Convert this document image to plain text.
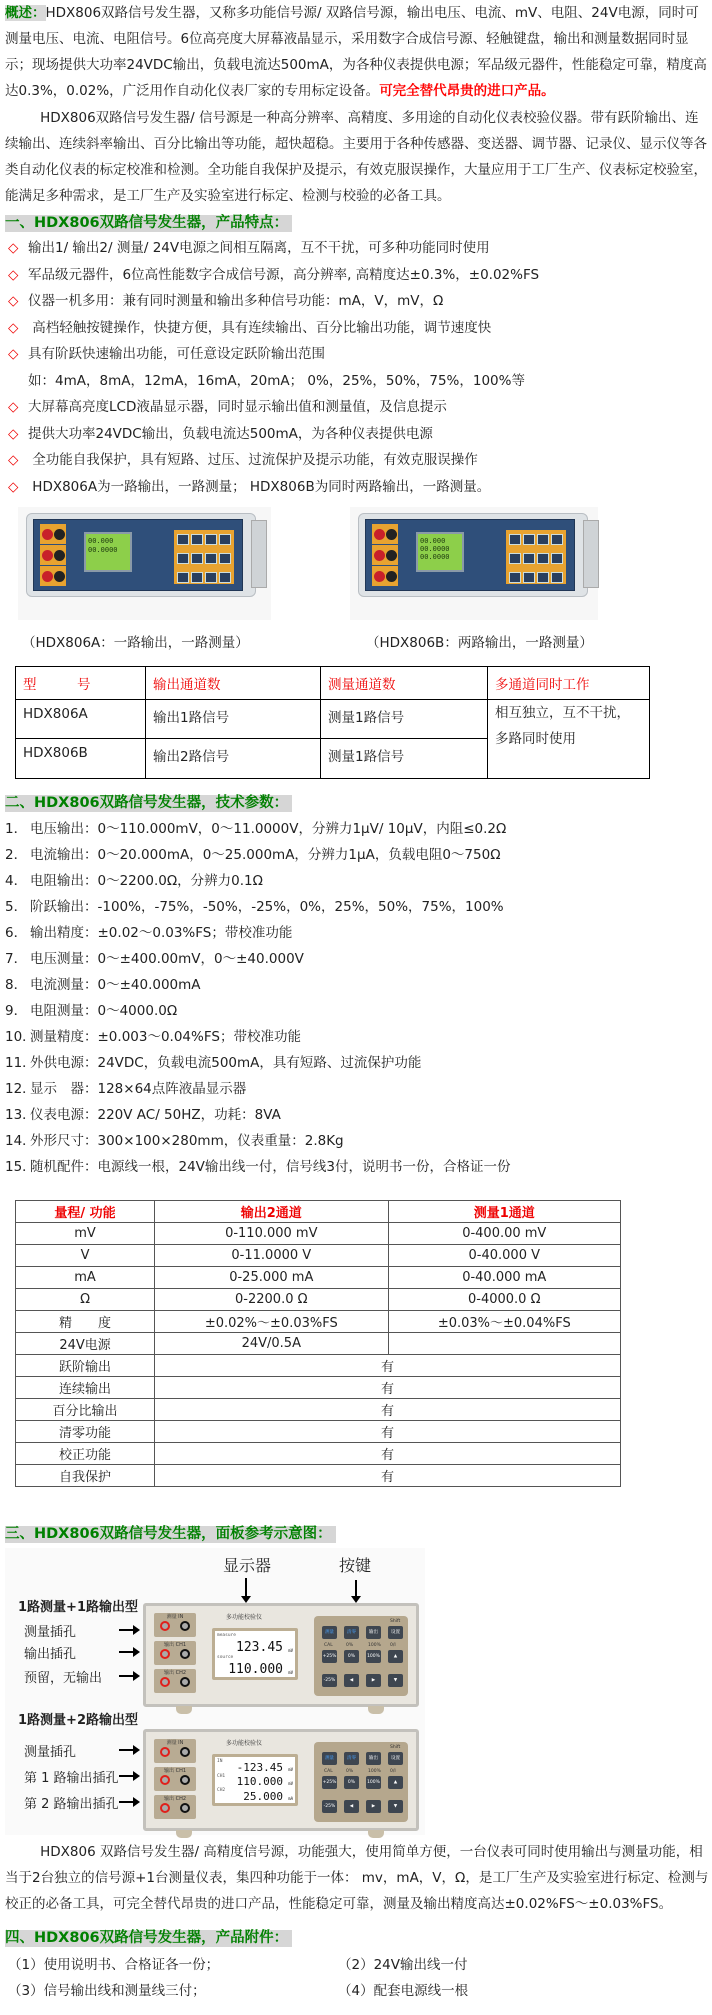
概述：HDX806双路信号发生器，又称多功能信号源/ 双路信号源，输出电压、电流、mV、电阻、24V电源，同时可测量电压、电流、电阻信号。6位高亮度大屏幕液晶显示，采用数字合成信号源、轻触键盘，输出和测量数据同时显示；现场提供大功率24VDC输出，负载电流达500mA，为各种仪表提供电源；军品级元器件，性能稳定可靠，精度高达0.3%，0.02%，广泛用作自动化仪表厂家的专用标定设备。可完全替代昂贵的进口产品。
HDX806双路信号发生器/ 信号源是一种高分辨率、高精度、多用途的自动化仪表校验仪器。带有跃阶输出、连续输出、连续斜率输出、百分比输出等功能，超快超稳。主要用于各种传感器、变送器、调节器、记录仪、显示仪等各类自动化仪表的标定校准和检测。全功能自我保护及提示，有效克服误操作，大量应用于工厂生产、仪表标定校验室，能满足多种需求，是工厂生产及实验室进行标定、检测与校验的必备工具。
一、HDX806双路信号发生器，产品特点：
◇ 输出1/ 输出2/ 测量/ 24V电源之间相互隔离，互不干扰，可多种功能同时使用
◇ 军品级元器件，6位高性能数字合成信号源，高分辨率, 高精度达±0.3%，±0.02%FS
◇ 仪器一机多用：兼有同时测量和输出多种信号功能：mA，V，mV，Ω
◇ 高档轻触按键操作，快捷方便，具有连续输出、百分比输出功能，调节速度快
◇ 具有阶跃快速输出功能，可任意设定跃阶输出范围
如：4mA，8mA，12mA，16mA，20mA； 0%，25%，50%，75%，100%等
◇ 大屏幕高亮度LCD液晶显示器，同时显示输出值和测量值，及信息提示
◇ 提供大功率24VDC输出，负载电流达500mA，为各种仪表提供电源
◇ 全功能自我保护，具有短路、过压、过流保护及提示功能，有效克服误操作
◇ HDX806A为一路输出，一路测量； HDX806B为同时两路输出，一路测量。
00.000
00.0000
00.000
00.0000
00.0000
（HDX806A：一路输出，一路测量）	（HDX806B：两路输出，一路测量）
型　　　号	输出通道数	测量通道数	多通道同时工作
HDX806A	输出1路信号	测量1路信号	相互独立，互不干扰，　　　　多路同时使用
HDX806B	输出2路信号	测量1路信号	
二、HDX806双路信号发生器，技术参数：
1． 电压输出：0～110.000mV，0～11.0000V，分辨力1μV/ 10μV，内阻≤0.2Ω
2． 电流输出：0～20.000mA，0～25.000mA，分辨力1μA，负载电阻0～750Ω
4． 电阻输出：0～2200.0Ω，分辨力0.1Ω
5． 阶跃输出：-100%，-75%，-50%，-25%，0%，25%，50%，75%，100%
6． 输出精度：±0.02～0.03%FS；带校准功能
7． 电压测量：0～±400.00mV，0～±40.000V
8． 电流测量：0～±40.000mA
9． 电阻测量：0～4000.0Ω
10．测量精度：±0.003～0.04%FS；带校准功能
11．外供电源：24VDC，负载电流500mA，具有短路、过流保护功能
12．显示　器：128×64点阵液晶显示器
13．仪表电源：220V AC/ 50HZ，功耗：8VA
14．外形尺寸：300×100×280mm，仪表重量：2.8Kg
15．随机配件：电源线一根，24V输出线一付，信号线3付，说明书一份，合格证一份
量程/ 功能	输出2通道	测量1通道
mV	0-110.000 mV	0-400.00 mV
V	0-11.0000 V	0-40.000 V
mA	0-25.000 mA	0-40.000 mA
Ω	0-2200.0 Ω	0-4000.0 Ω
精　　度	±0.02%～±0.03%FS	±0.03%～±0.04%FS
24V电源	24V/0.5A	
跃阶输出	有	
连续输出	有	
百分比输出	有	
清零功能	有	
校正功能	有	
自我保护	有	
三、HDX806双路信号发生器，面板参考示意图：
显示器	按键
测量 IN
输出 CH1
输出 CH2
多功能校验仪
measure
123.45 mV
source
110.000 mV
Shift
CAL	0%	100% 0/I
测量	清零	输出	设置
+25%	0%	100%	▲
-25%	◀	▶	▼
1路测量+1路输出型
测量插孔
输出插孔
预留，无输出
测量 IN
输出 CH1
输出 CH2
多功能校验仪
IN -123.45 mV
CH1 110.000 mV
CH2 25.000 mA
Shift
CAL	0%	100% 0/I
测量	清零	输出	设置
+25%	0%	100%	▲
-25%	◀	▶	▼
1路测量+2路输出型
测量插孔
第 1 路输出插孔
第 2 路输出插孔
HDX806 双路信号发生器/ 高精度信号源，功能强大，使用简单方便，一台仪表可同时使用输出与测量功能，相当于2台独立的信号源+1台测量仪表，集四种功能于一体： mv，mA，V，Ω，是工厂生产及实验室进行标定、检测与校正的必备工具，可完全替代昂贵的进口产品，性能稳定可靠，测量及输出精度高达±0.02%FS～±0.03%FS。
四、HDX806双路信号发生器，产品附件：
（1）使用说明书、合格证各一份；	（2）24V输出线一付
（3）信号输出线和测量线三付；	（4）配套电源线一根
